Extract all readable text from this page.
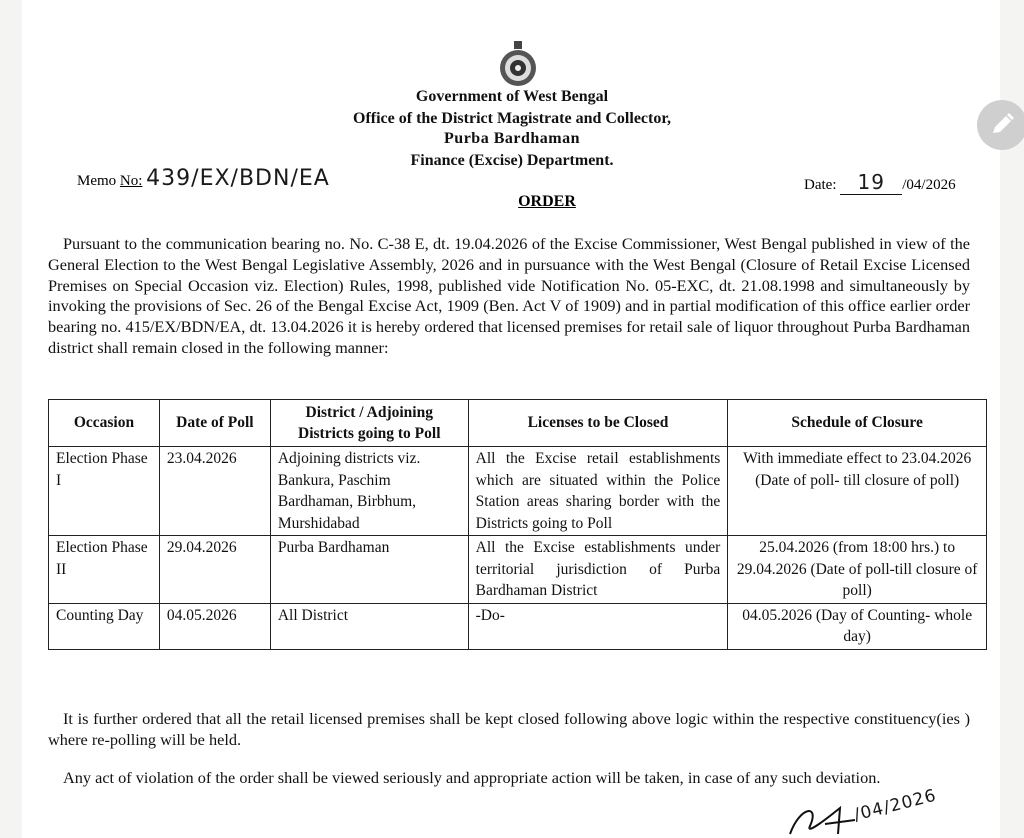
Government of West Bengal
Office of the District Magistrate and Collector,
Purba Bardhaman
Finance (Excise) Department.
Memo No: 439/EX/BDN/EA	Date: 19 /04/2026
ORDER
Pursuant to the communication bearing no. No. C-38 E, dt. 19.04.2026 of the Excise Commissioner, West Bengal published in view of the General Election to the West Bengal Legislative Assembly, 2026 and in pursuance with the West Bengal (Closure of Retail Excise Licensed Premises on Special Occasion viz. Election) Rules, 1998, published vide Notification No. 05-EXC, dt. 21.08.1998 and simultaneously by invoking the provisions of Sec. 26 of the Bengal Excise Act, 1909 (Ben. Act V of 1909) and in partial modification of this office earlier order bearing no. 415/EX/BDN/EA, dt. 13.04.2026 it is hereby ordered that licensed premises for retail sale of liquor throughout Purba Bardhaman district shall remain closed in the following manner:
Occasion	Date of Poll	District / Adjoining Districts going to Poll	Licenses to be Closed	Schedule of Closure
Election Phase I	23.04.2026	Adjoining districts viz. Bankura, Paschim Bardhaman, Birbhum, Murshidabad	All the Excise retail establishments which are situated within the Police Station areas sharing border with the Districts going to Poll	With immediate effect to 23.04.2026 (Date of poll- till closure of poll)
Election Phase II	29.04.2026	Purba Bardhaman	All the Excise establishments under territorial jurisdiction of Purba Bardhaman District	25.04.2026 (from 18:00 hrs.) to 29.04.2026 (Date of poll-till closure of poll)
Counting Day	04.05.2026	All District	-Do-	04.05.2026 (Day of Counting- whole day)
It is further ordered that all the retail licensed premises shall be kept closed following above logic within the respective constituency(ies ) where re-polling will be held.
Any act of violation of the order shall be viewed seriously and appropriate action will be taken, in case of any such deviation.
/04/2026
